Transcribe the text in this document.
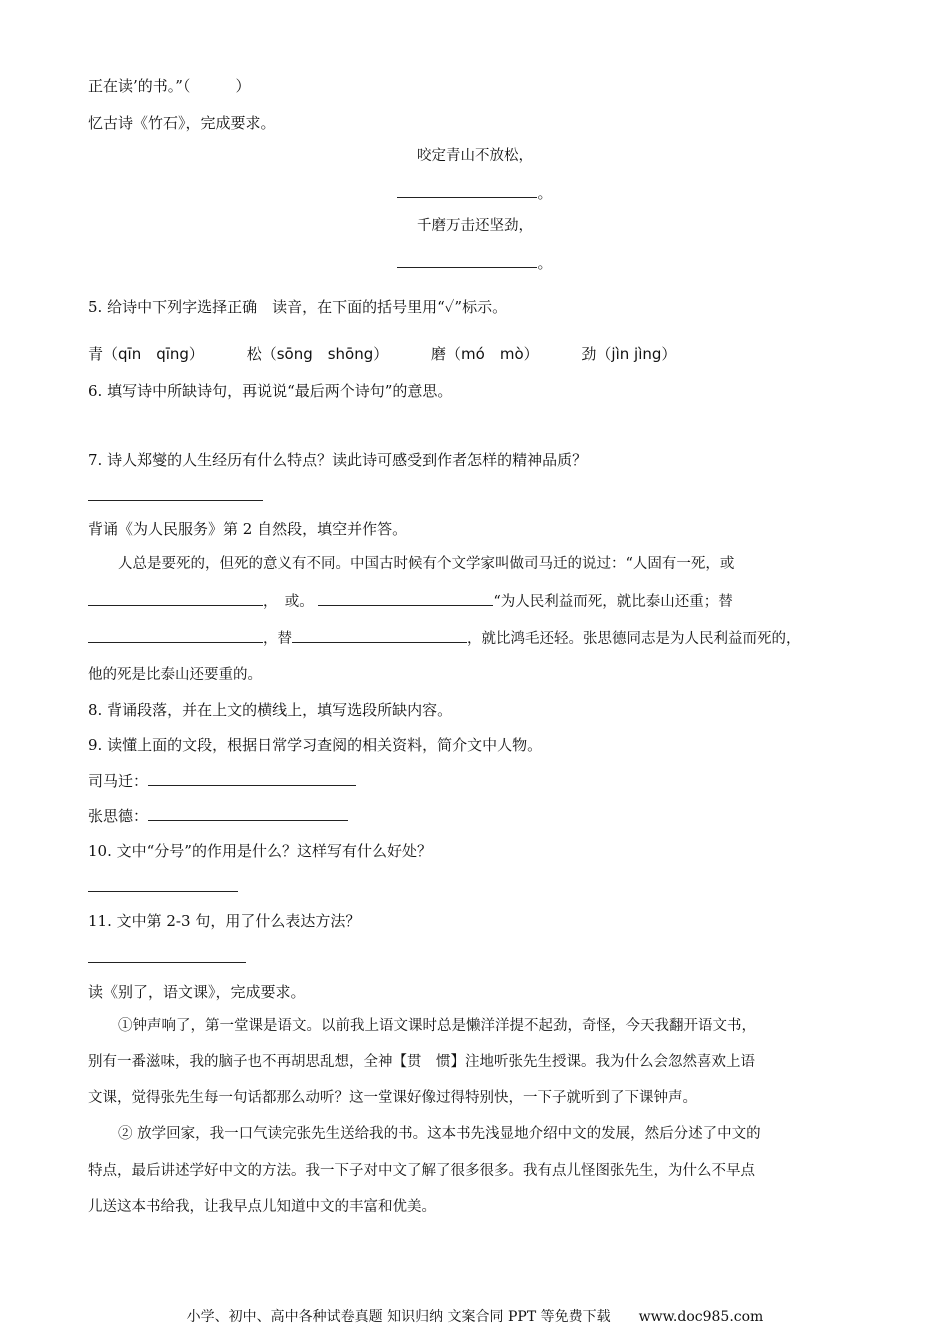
正在读’的书。”（　　　）
忆古诗《竹石》，完成要求。
咬定青山不放松，
。
千磨万击还坚劲，
。
5. 给诗中下列字选择正确　读音，在下面的括号里用“✓”标示。
青（qīn　qīng）	松（sōng　shōng）	磨（mó　mò）	劲（jìn jìng）
6. 填写诗中所缺诗句，再说说“最后两个诗句”的意思。
7. 诗人郑燮的人生经历有什么特点？读此诗可感受到作者怎样的精神品质？
背诵《为人民服务》第 2 自然段，填空并作答。
人总是要死的，但死的意义有不同。中国古时候有个文学家叫做司马迁的说过：“人固有一死，或
，　或。	“为人民利益而死，就比泰山还重；替
，替	，就比鸿毛还轻。张思德同志是为人民利益而死的，
他的死是比泰山还要重的。
8. 背诵段落，并在上文的横线上，填写选段所缺内容。
9. 读懂上面的文段，根据日常学习查阅的相关资料，简介文中人物。
司马迁：
张思德：
10. 文中“分号”的作用是什么？这样写有什么好处？
11. 文中第 2-3 句，用了什么表达方法？
读《别了，语文课》，完成要求。
①钟声响了，第一堂课是语文。以前我上语文课时总是懒洋洋提不起劲，奇怪，今天我翻开语文书，
别有一番滋味，我的脑子也不再胡思乱想，全神【贯　惯】注地听张先生授课。我为什么会忽然喜欢上语
文课，觉得张先生每一句话都那么动听？这一堂课好像过得特别快，一下子就听到了下课钟声。
② 放学回家，我一口气读完张先生送给我的书。这本书先浅显地介绍中文的发展，然后分述了中文的
特点，最后讲述学好中文的方法。我一下子对中文了解了很多很多。我有点儿怪图张先生，为什么不早点
儿送这本书给我，让我早点儿知道中文的丰富和优美。
小学、初中、高中各种试卷真题 知识归纳 文案合同 PPT 等免费下载 www.doc985.com
